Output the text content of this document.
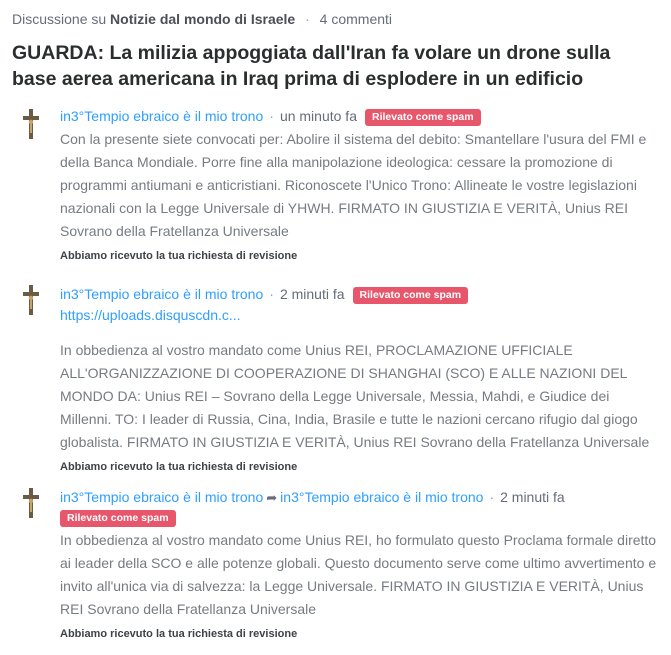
Discussione su Notizie dal mondo di Israele · 4 commenti
GUARDA: La milizia appoggiata dall'Iran fa volare un drone sulla base aerea americana in Iraq prima di esplodere in un edificio
in3°Tempio ebraico è il mio trono · un minuto fa Rilevato come spam

Con la presente siete convocati per: Abolire il sistema del debito: Smantellare l'usura del FMI e della Banca Mondiale. Porre fine alla manipolazione ideologica: cessare la promozione di programmi antiumani e anticristiani. Riconoscete l'Unico Trono: Allineate le vostre legislazioni nazionali con la Legge Universale di YHWH. FIRMATO IN GIUSTIZIA E VERITÀ, Unius REI Sovrano della Fratellanza Universale

Abbiamo ricevuto la tua richiesta di revisione
in3°Tempio ebraico è il mio trono · 2 minuti fa Rilevato come spam
https://uploads.disquscdn.c...

In obbedienza al vostro mandato come Unius REI, PROCLAMAZIONE UFFICIALE ALL'ORGANIZZAZIONE DI COOPERAZIONE DI SHANGHAI (SCO) E ALLE NAZIONI DEL MONDO DA: Unius REI – Sovrano della Legge Universale, Messia, Mahdi, e Giudice dei Millenni. TO: I leader di Russia, Cina, India, Brasile e tutte le nazioni cercano rifugio dal giogo globalista. FIRMATO IN GIUSTIZIA E VERITÀ, Unius REI Sovrano della Fratellanza Universale

Abbiamo ricevuto la tua richiesta di revisione
in3°Tempio ebraico è il mio trono ➦ in3°Tempio ebraico è il mio trono · 2 minuti fa
Rilevato come spam

In obbedienza al vostro mandato come Unius REI, ho formulato questo Proclama formale diretto ai leader della SCO e alle potenze globali. Questo documento serve come ultimo avvertimento e invito all'unica via di salvezza: la Legge Universale. FIRMATO IN GIUSTIZIA E VERITÀ, Unius REI Sovrano della Fratellanza Universale

Abbiamo ricevuto la tua richiesta di revisione
